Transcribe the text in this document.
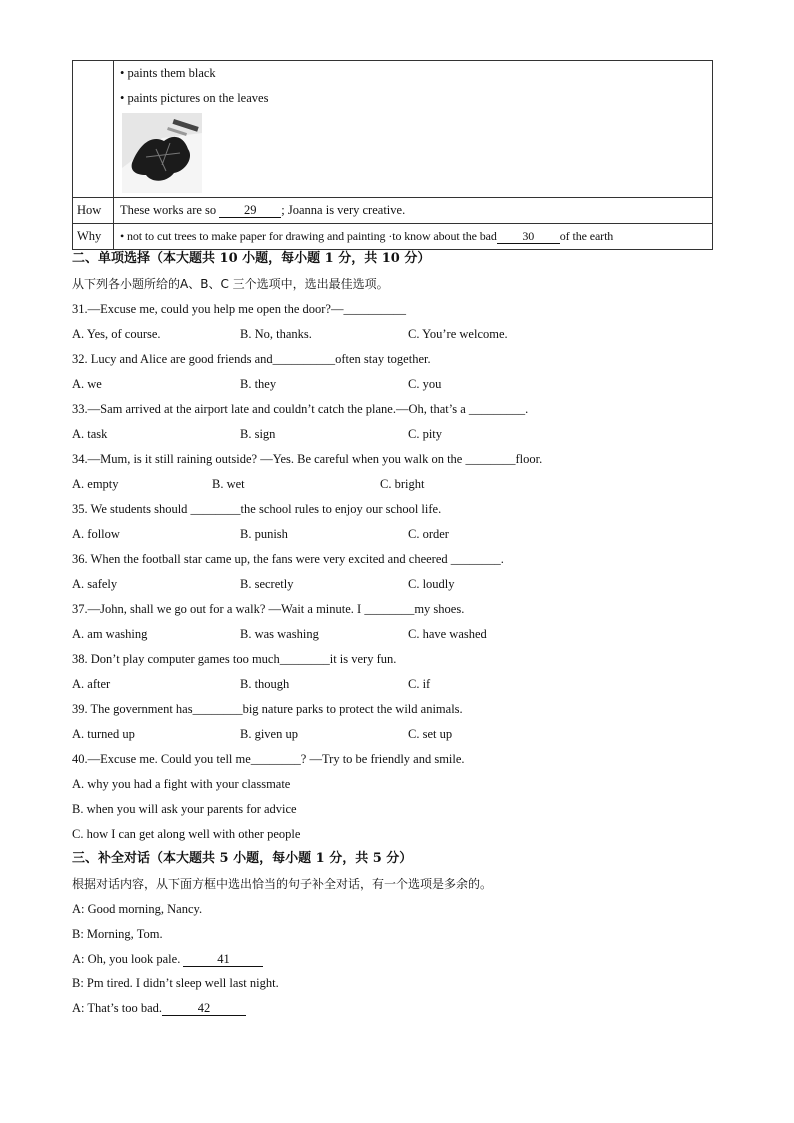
	• paints them black
• paints pictures on the leaves

How	These works are so 29 ; Joanna is very creative.
Why	• not to cut trees to make paper for drawing and painting ·to know about the bad 30 of the earth
二、单项选择（本大题共 10 小题，每小题 1 分，共 10 分）
从下列各小题所给的A、B、C 三个选项中，选出最佳选项。
31.—Excuse me, could you help me open the door?—__________
A. Yes, of course.	B. No, thanks.	C. You’re welcome.
32. Lucy and Alice are good friends and__________often stay together.
A. we	B. they	C. you
33.—Sam arrived at the airport late and couldn’t catch the plane.—Oh, that’s a _________.
A. task	B. sign	C. pity
34.—Mum, is it still raining outside? —Yes. Be careful when you walk on the ________floor.
A. empty	B. wet	C. bright
35. We students should ________the school rules to enjoy our school life.
A. follow	B. punish	C. order
36. When the football star came up, the fans were very excited and cheered ________.
A. safely	B. secretly	C. loudly
37.—John, shall we go out for a walk? —Wait a minute. I ________my shoes.
A. am washing	B. was washing	C. have washed
38. Don’t play computer games too much________it is very fun.
A. after	B. though	C. if
39. The government has________big nature parks to protect the wild animals.
A. turned up	B. given up	C. set up
40.—Excuse me. Could you tell me________? —Try to be friendly and smile.
A. why you had a fight with your classmate
B. when you will ask your parents for advice
C. how I can get along well with other people
三、补全对话（本大题共 5 小题，每小题 1 分，共 5 分）
根据对话内容，从下面方框中选出恰当的句子补全对话，有一个选项是多余的。
A: Good morning, Nancy.
B: Morning, Tom.
A: Oh, you look pale.	41
B: Pm tired. I didn’t sleep well last night.
A: That’s too bad.	42
